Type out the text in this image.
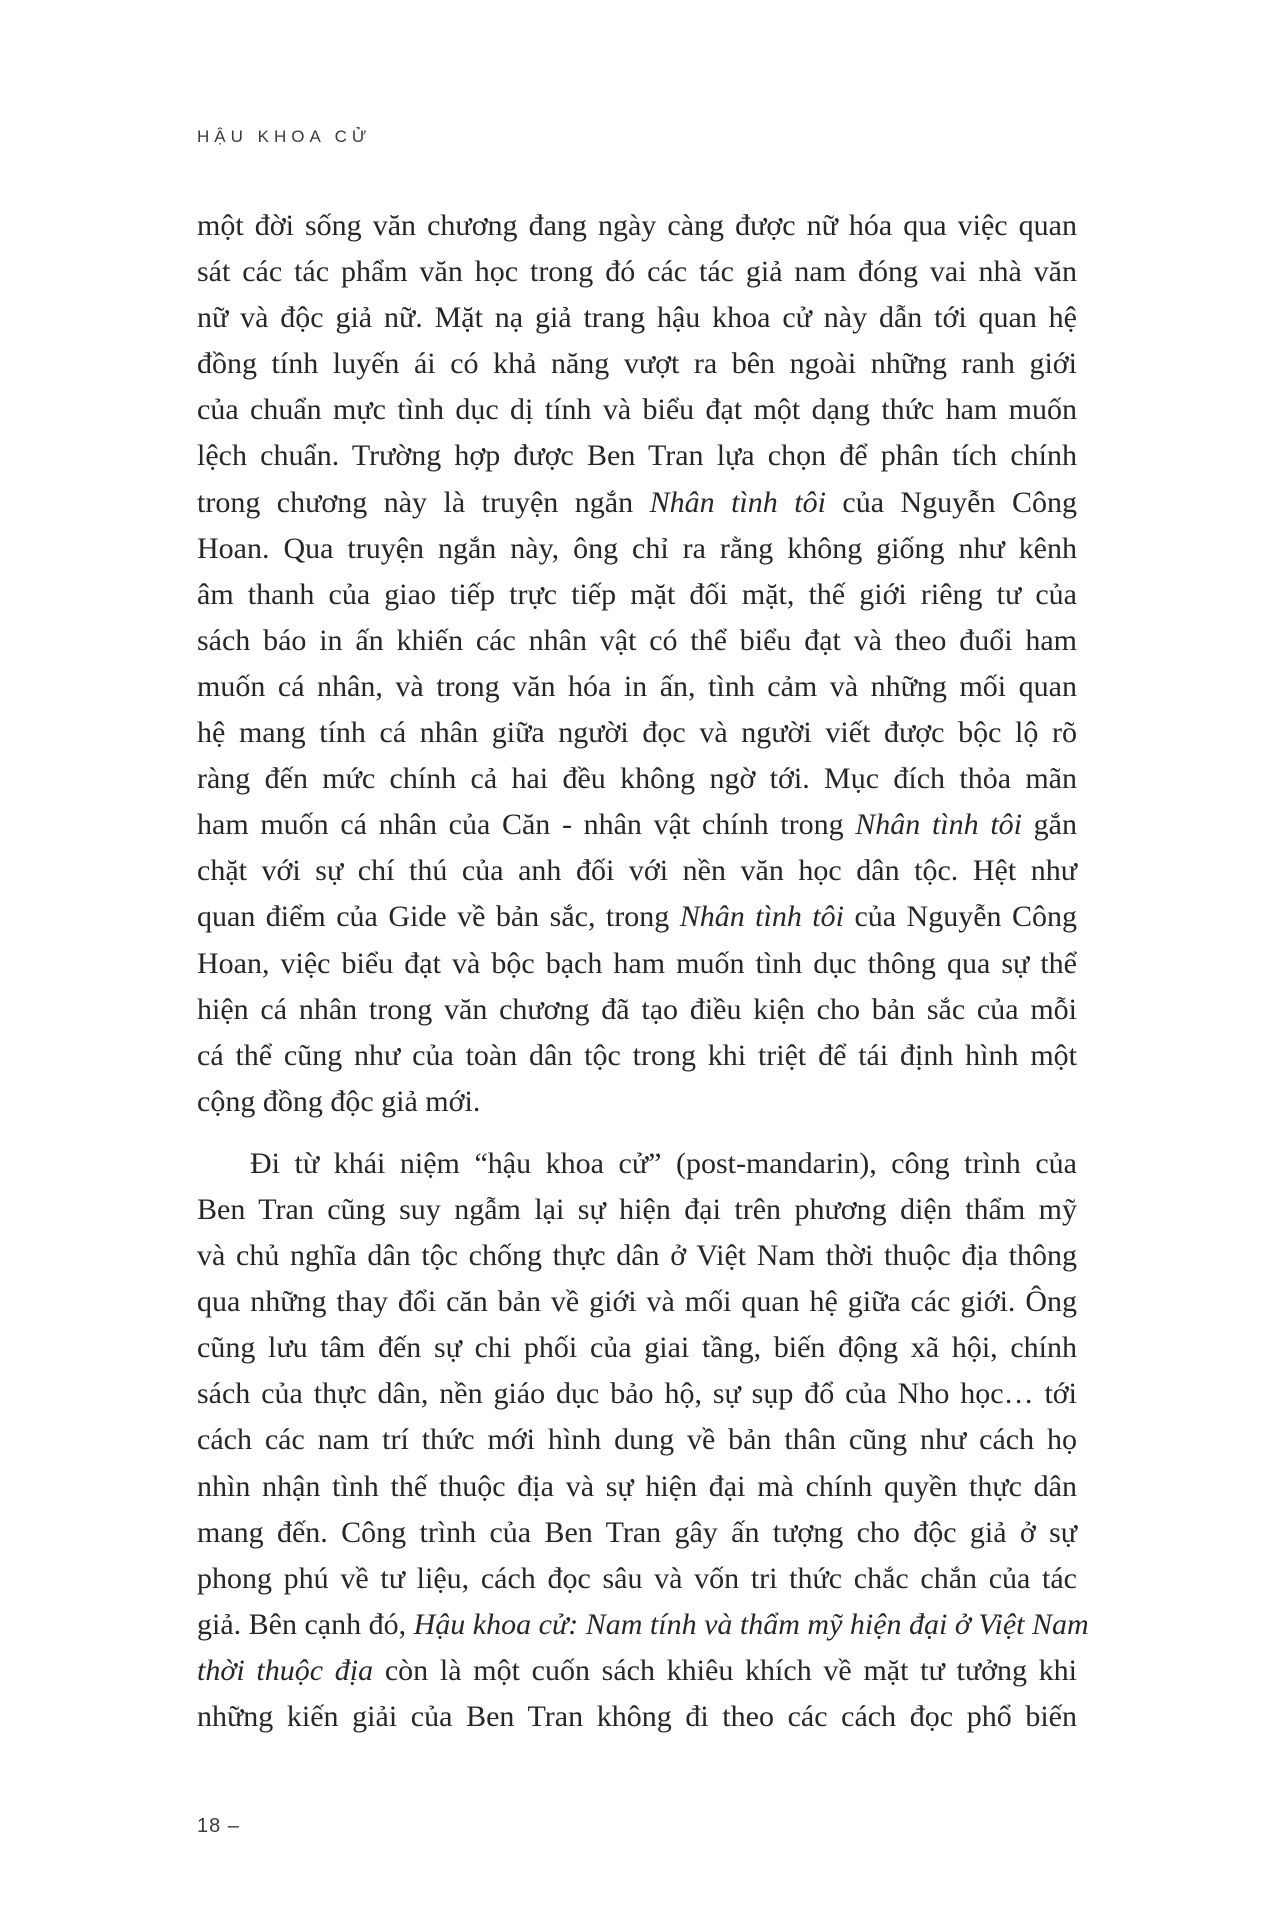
HẬU KHOA CỬ
một đời sống văn chương đang ngày càng được nữ hóa qua việc quan
sát các tác phẩm văn học trong đó các tác giả nam đóng vai nhà văn
nữ và độc giả nữ. Mặt nạ giả trang hậu khoa cử này dẫn tới quan hệ
đồng tính luyến ái có khả năng vượt ra bên ngoài những ranh giới
của chuẩn mực tình dục dị tính và biểu đạt một dạng thức ham muốn
lệch chuẩn. Trường hợp được Ben Tran lựa chọn để phân tích chính
trong chương này là truyện ngắn Nhân tình tôi của Nguyễn Công
Hoan. Qua truyện ngắn này, ông chỉ ra rằng không giống như kênh
âm thanh của giao tiếp trực tiếp mặt đối mặt, thế giới riêng tư của
sách báo in ấn khiến các nhân vật có thể biểu đạt và theo đuổi ham
muốn cá nhân, và trong văn hóa in ấn, tình cảm và những mối quan
hệ mang tính cá nhân giữa người đọc và người viết được bộc lộ rõ
ràng đến mức chính cả hai đều không ngờ tới. Mục đích thỏa mãn
ham muốn cá nhân của Căn - nhân vật chính trong Nhân tình tôi gắn
chặt với sự chí thú của anh đối với nền văn học dân tộc. Hệt như
quan điểm của Gide về bản sắc, trong Nhân tình tôi của Nguyễn Công
Hoan, việc biểu đạt và bộc bạch ham muốn tình dục thông qua sự thể
hiện cá nhân trong văn chương đã tạo điều kiện cho bản sắc của mỗi
cá thể cũng như của toàn dân tộc trong khi triệt để tái định hình một
cộng đồng độc giả mới.
Đi từ khái niệm “hậu khoa cử” (post-mandarin), công trình của
Ben Tran cũng suy ngẫm lại sự hiện đại trên phương diện thẩm mỹ
và chủ nghĩa dân tộc chống thực dân ở Việt Nam thời thuộc địa thông
qua những thay đổi căn bản về giới và mối quan hệ giữa các giới. Ông
cũng lưu tâm đến sự chi phối của giai tầng, biến động xã hội, chính
sách của thực dân, nền giáo dục bảo hộ, sự sụp đổ của Nho học… tới
cách các nam trí thức mới hình dung về bản thân cũng như cách họ
nhìn nhận tình thế thuộc địa và sự hiện đại mà chính quyền thực dân
mang đến. Công trình của Ben Tran gây ấn tượng cho độc giả ở sự
phong phú về tư liệu, cách đọc sâu và vốn tri thức chắc chắn của tác
giả. Bên cạnh đó, Hậu khoa cử: Nam tính và thẩm mỹ hiện đại ở Việt Nam
thời thuộc địa còn là một cuốn sách khiêu khích về mặt tư tưởng khi
những kiến giải của Ben Tran không đi theo các cách đọc phổ biến
18 –
